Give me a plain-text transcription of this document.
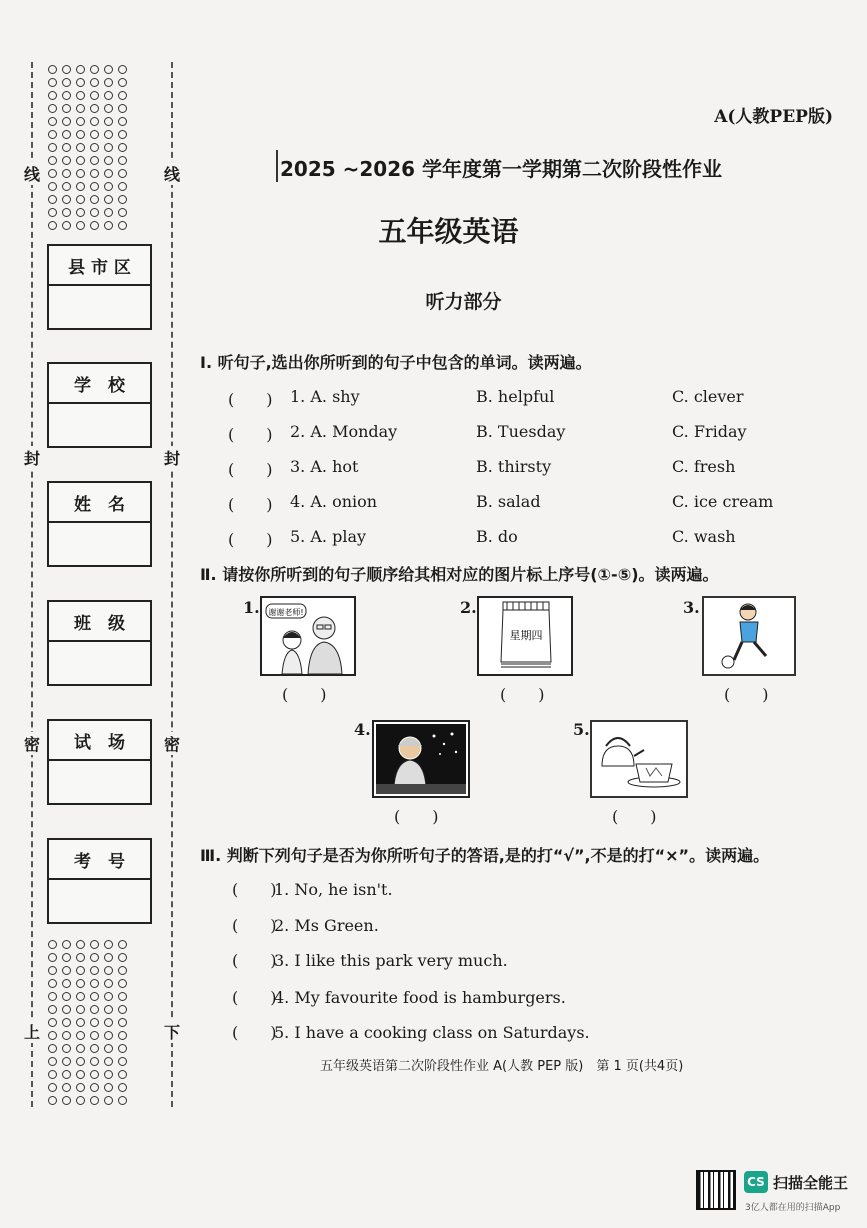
线
封
密
上
线
封
密
下
县 市 区
学　校
姓　名
班　级
试　场
考　号
A(人教PEP版)
2025 ~2026 学年度第一学期第二次阶段性作业
五年级英语
听力部分
Ⅰ. 听句子,选出你所听到的句子中包含的单词。读两遍。
(　　) 1. A. shy	B. helpful	C. clever
(　　) 2. A. Monday	B. Tuesday	C. Friday
(　　) 3. A. hot	B. thirsty	C. fresh
(　　) 4. A. onion	B. salad	C. ice cream
(　　) 5. A. play	B. do	C. wash
Ⅱ. 请按你所听到的句子顺序给其相对应的图片标上序号(①-⑤)。读两遍。
1. 谢谢老师!
(　　)
2.
星期四
(　　)
3.
(　　)
4.
(　　)
5.
(　　)
Ⅲ. 判断下列句子是否为你所听句子的答语,是的打“√”,不是的打“×”。读两遍。
(　　)1. No, he isn't.
(　　)2. Ms Green.
(　　)3. I like this park very much.
(　　)4. My favourite food is hamburgers.
(　　)5. I have a cooking class on Saturdays.
五年级英语第二次阶段性作业 A(人教 PEP 版)　第 1 页(共4页)
CS 扫描全能王
3亿人都在用的扫描App
